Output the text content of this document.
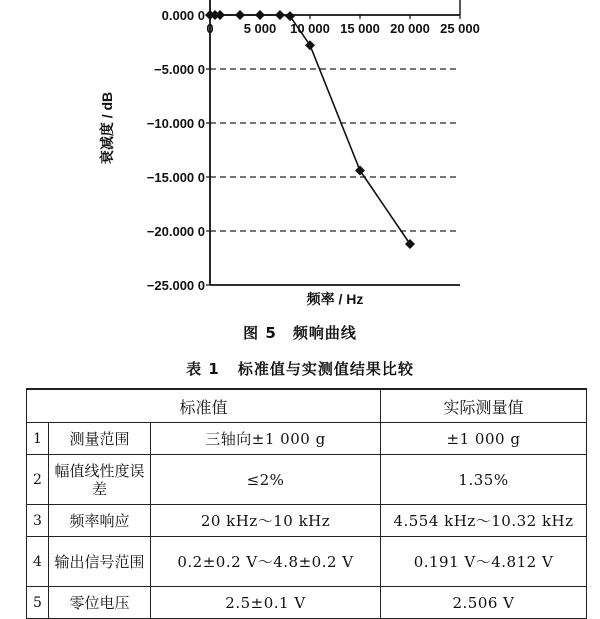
0.000 0
−5.000 0
−10.000 0
−15.000 0
−20.000 0
−25.000 0
0 5 000 10 000 15 000 20 000 25 000
衰减度 / dB
频率 / Hz
图 5　频响曲线
表 1 标准值与实测值结果比较
标准值			实际测量值
1	测量范围	三轴向±1 000 g	±1 000 g
2	幅值线性度误差	≤2%	1.35%
3	频率响应	20 kHz～10 kHz	4.554 kHz～10.32 kHz
4	输出信号范围	0.2±0.2 V～4.8±0.2 V	0.191 V～4.812 V
5	零位电压	2.5±0.1 V	2.506 V
